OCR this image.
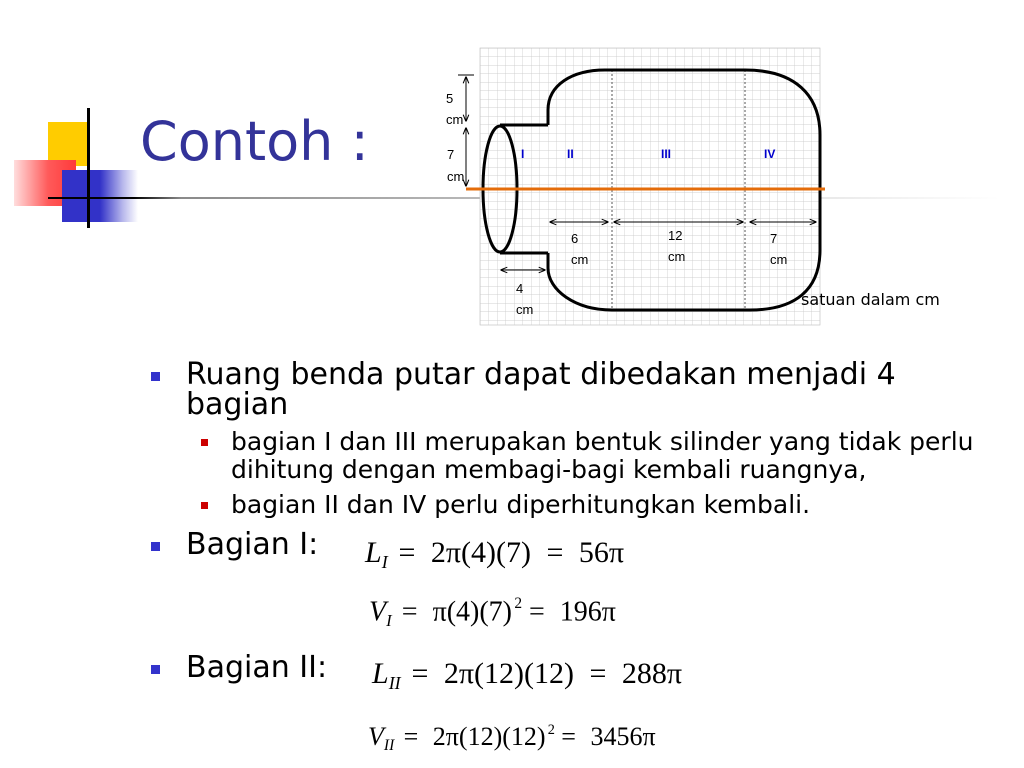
Contoh :
5
cm
7
cm
6
cm
12
cm
7
cm
4
cm
I	II	III	IV
satuan dalam cm
Ruang benda putar dapat dibedakan menjadi 4 bagian
bagian I dan III merupakan bentuk silinder yang tidak perlu dihitung dengan membagi-bagi kembali ruangnya,
bagian II dan IV perlu diperhitungkan kembali.
Bagian I:
Bagian II:
$L_I = 2\pi(4)(7) = 56\pi$
$V_I = \pi(4)(7) ^2 = 196\pi$
$L_{II} = 2\pi(12)(12) = 288\pi$
$V_{II} = 2\pi(12)(12) ^2 = 3456\pi$
